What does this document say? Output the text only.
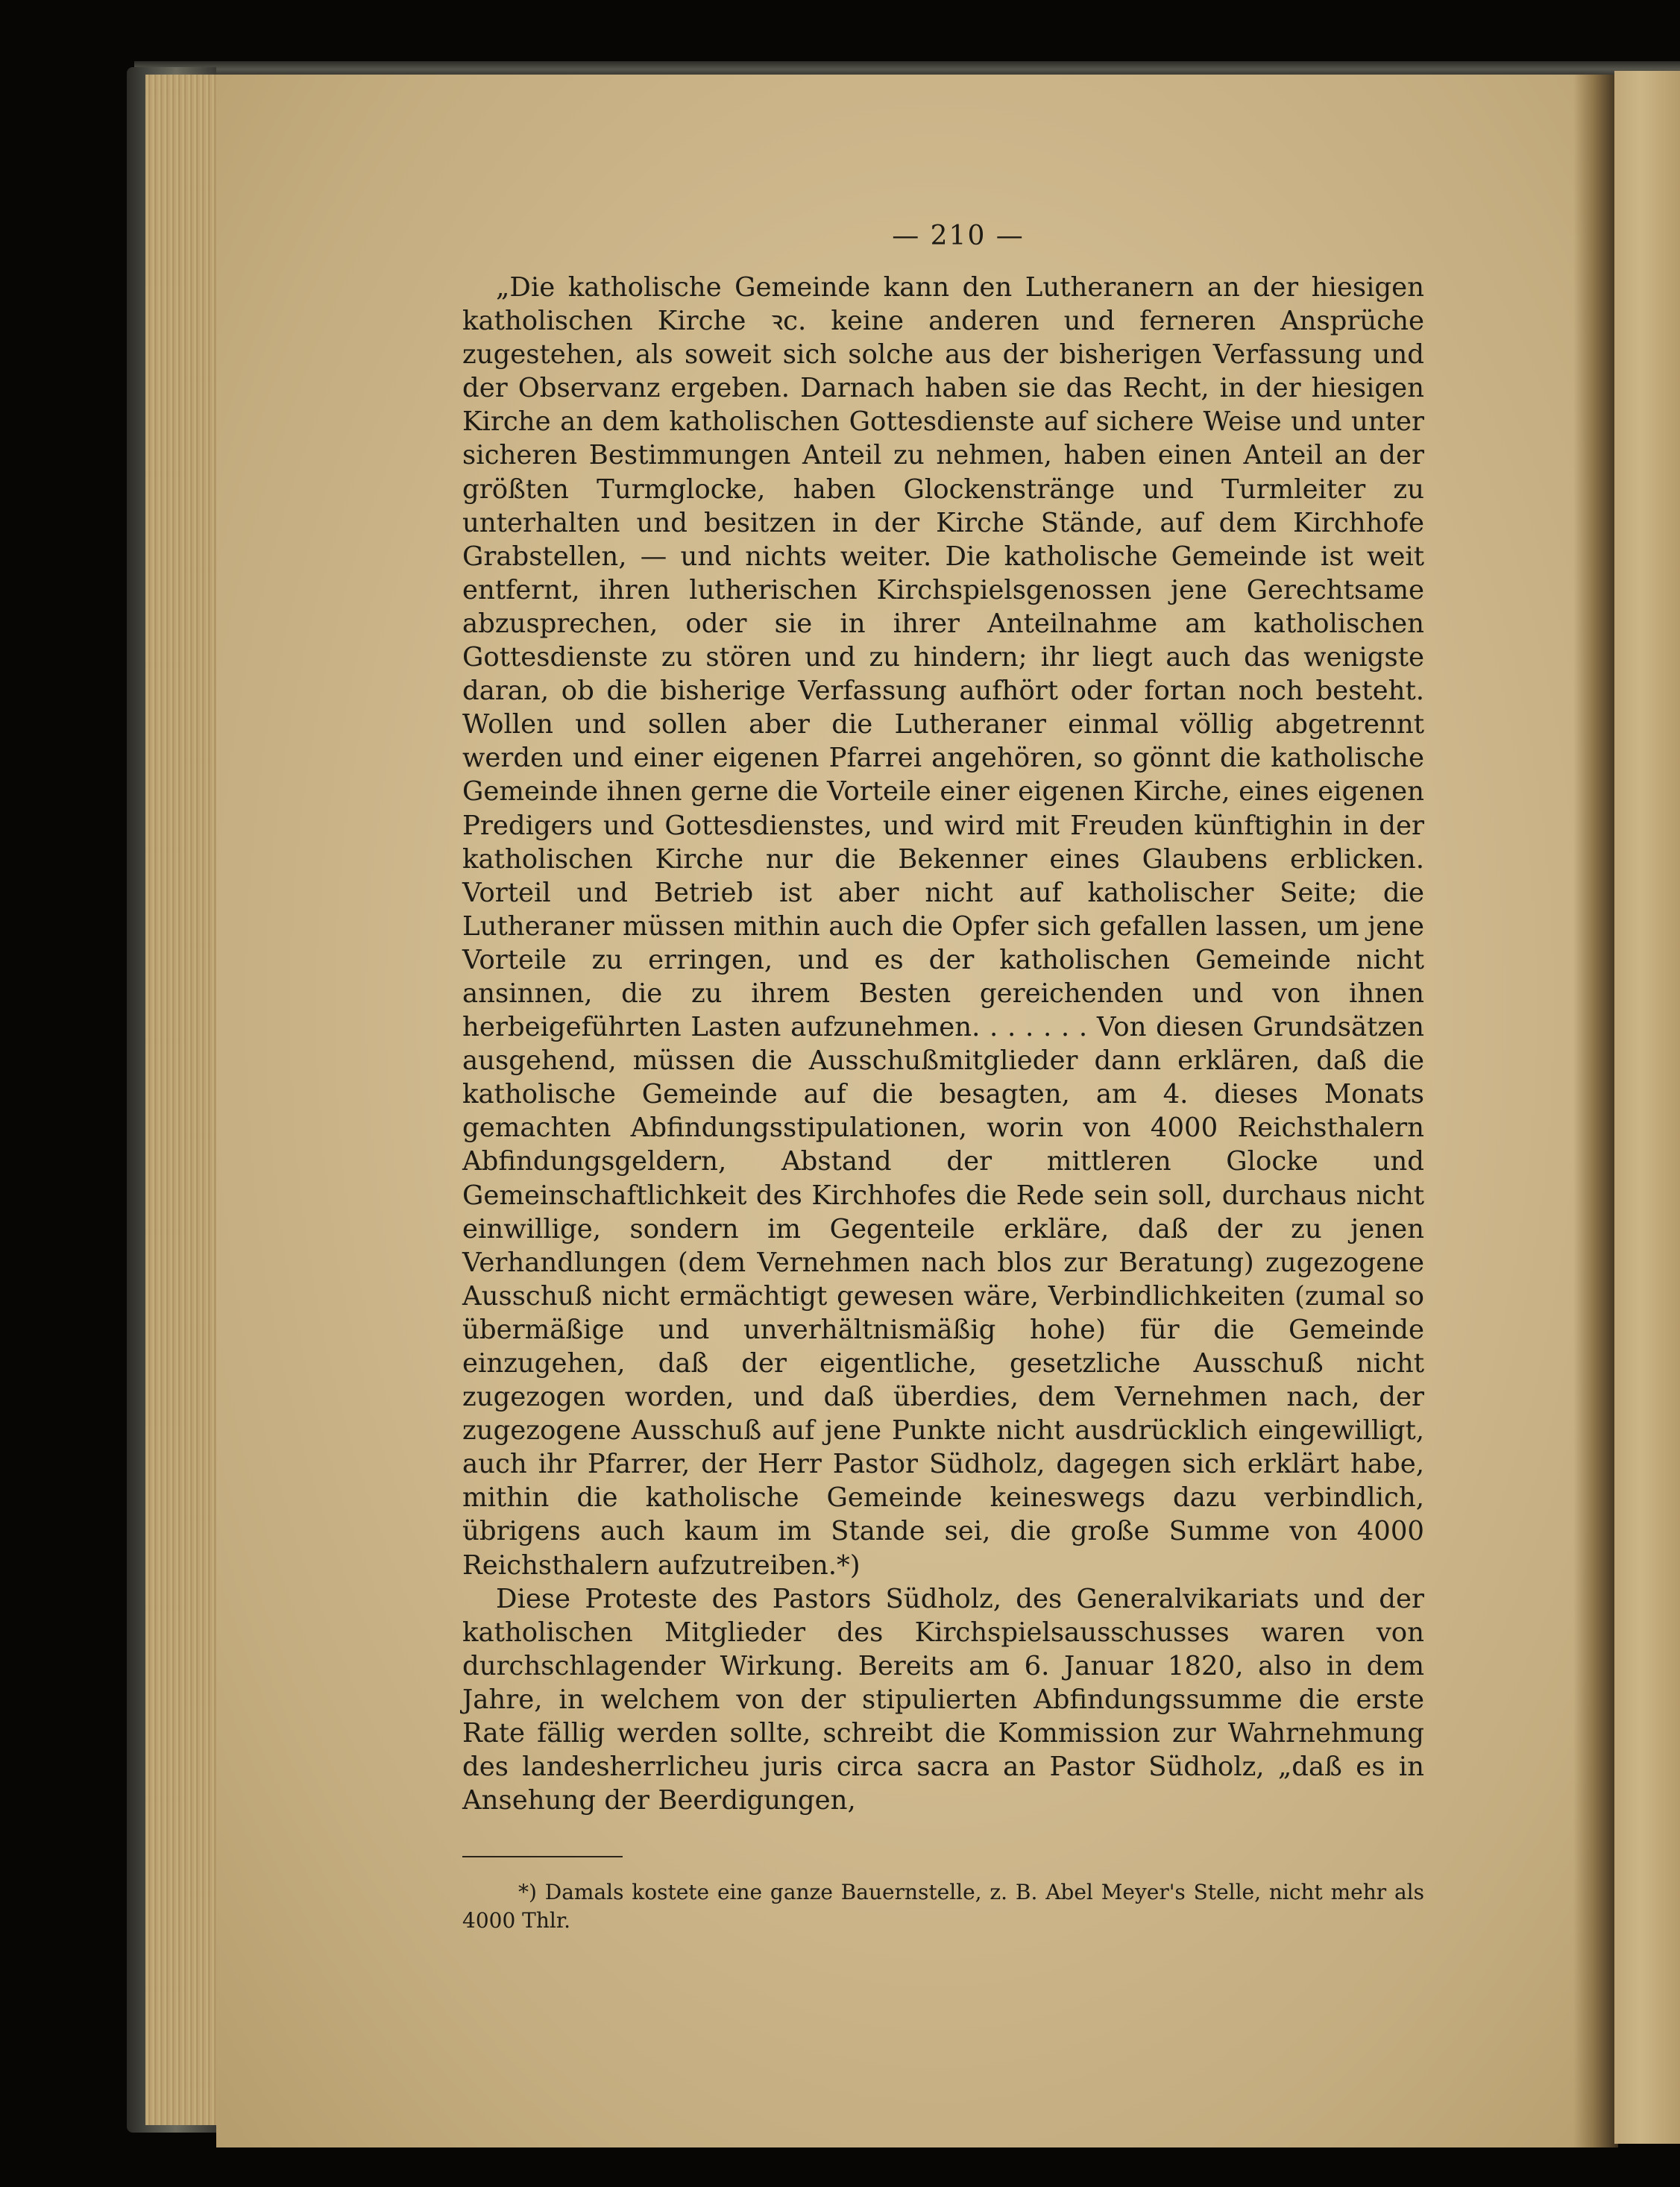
— 210 —

„Die katholische Gemeinde kann den Lutheranern an der hiesigen katholischen Kirche ꝛc. keine anderen und ferneren Ansprüche zugestehen, als soweit sich solche aus der bisherigen Verfassung und der Observanz ergeben. Darnach haben sie das Recht, in der hiesigen Kirche an dem katholischen Gottesdienste auf sichere Weise und unter sicheren Bestimmungen Anteil zu nehmen, haben einen Anteil an der größten Turmglocke, haben Glockenstränge und Turmleiter zu unterhalten und besitzen in der Kirche Stände, auf dem Kirchhofe Grabstellen, — und nichts weiter. Die katholische Gemeinde ist weit entfernt, ihren lutherischen Kirchspielsgenossen jene Gerechtsame abzusprechen, oder sie in ihrer Anteilnahme am katholischen Gottesdienste zu stören und zu hindern; ihr liegt auch das wenigste daran, ob die bisherige Verfassung aufhört oder fortan noch besteht. Wollen und sollen aber die Lutheraner einmal völlig abgetrennt werden und einer eigenen Pfarrei angehören, so gönnt die katholische Gemeinde ihnen gerne die Vorteile einer eigenen Kirche, eines eigenen Predigers und Gottesdienstes, und wird mit Freuden künftighin in der katholischen Kirche nur die Bekenner eines Glaubens erblicken. Vorteil und Betrieb ist aber nicht auf katholischer Seite; die Lutheraner müssen mithin auch die Opfer sich gefallen lassen, um jene Vorteile zu erringen, und es der katholischen Gemeinde nicht ansinnen, die zu ihrem Besten gereichenden und von ihnen herbeigeführten Lasten aufzunehmen. . . . . . . Von diesen Grundsätzen ausgehend, müssen die Ausschußmitglieder dann erklären, daß die katholische Gemeinde auf die besagten, am 4. dieses Monats gemachten Abfindungsstipulationen, worin von 4000 Reichsthalern Abfindungsgeldern, Abstand der mittleren Glocke und Gemeinschaftlichkeit des Kirchhofes die Rede sein soll, durchaus nicht einwillige, sondern im Gegenteile erkläre, daß der zu jenen Verhandlungen (dem Vernehmen nach blos zur Beratung) zugezogene Ausschuß nicht ermächtigt gewesen wäre, Verbindlichkeiten (zumal so übermäßige und unverhältnismäßig hohe) für die Gemeinde einzugehen, daß der eigentliche, gesetzliche Ausschuß nicht zugezogen worden, und daß überdies, dem Vernehmen nach, der zugezogene Ausschuß auf jene Punkte nicht ausdrücklich eingewilligt, auch ihr Pfarrer, der Herr Pastor Südholz, dagegen sich erklärt habe, mithin die katholische Gemeinde keineswegs dazu verbindlich, übrigens auch kaum im Stande sei, die große Summe von 4000 Reichsthalern aufzutreiben.*)

Diese Proteste des Pastors Südholz, des Generalvikariats und der katholischen Mitglieder des Kirchspielsausschusses waren von durchschlagender Wirkung. Bereits am 6. Januar 1820, also in dem Jahre, in welchem von der stipulierten Abfindungssumme die erste Rate fällig werden sollte, schreibt die Kommission zur Wahrnehmung des landesherrlicheu juris circa sacra an Pastor Südholz, „daß es in Ansehung der Beerdigungen,

*) Damals kostete eine ganze Bauernstelle, z. B. Abel Meyer's Stelle, nicht mehr als 4000 Thlr.
